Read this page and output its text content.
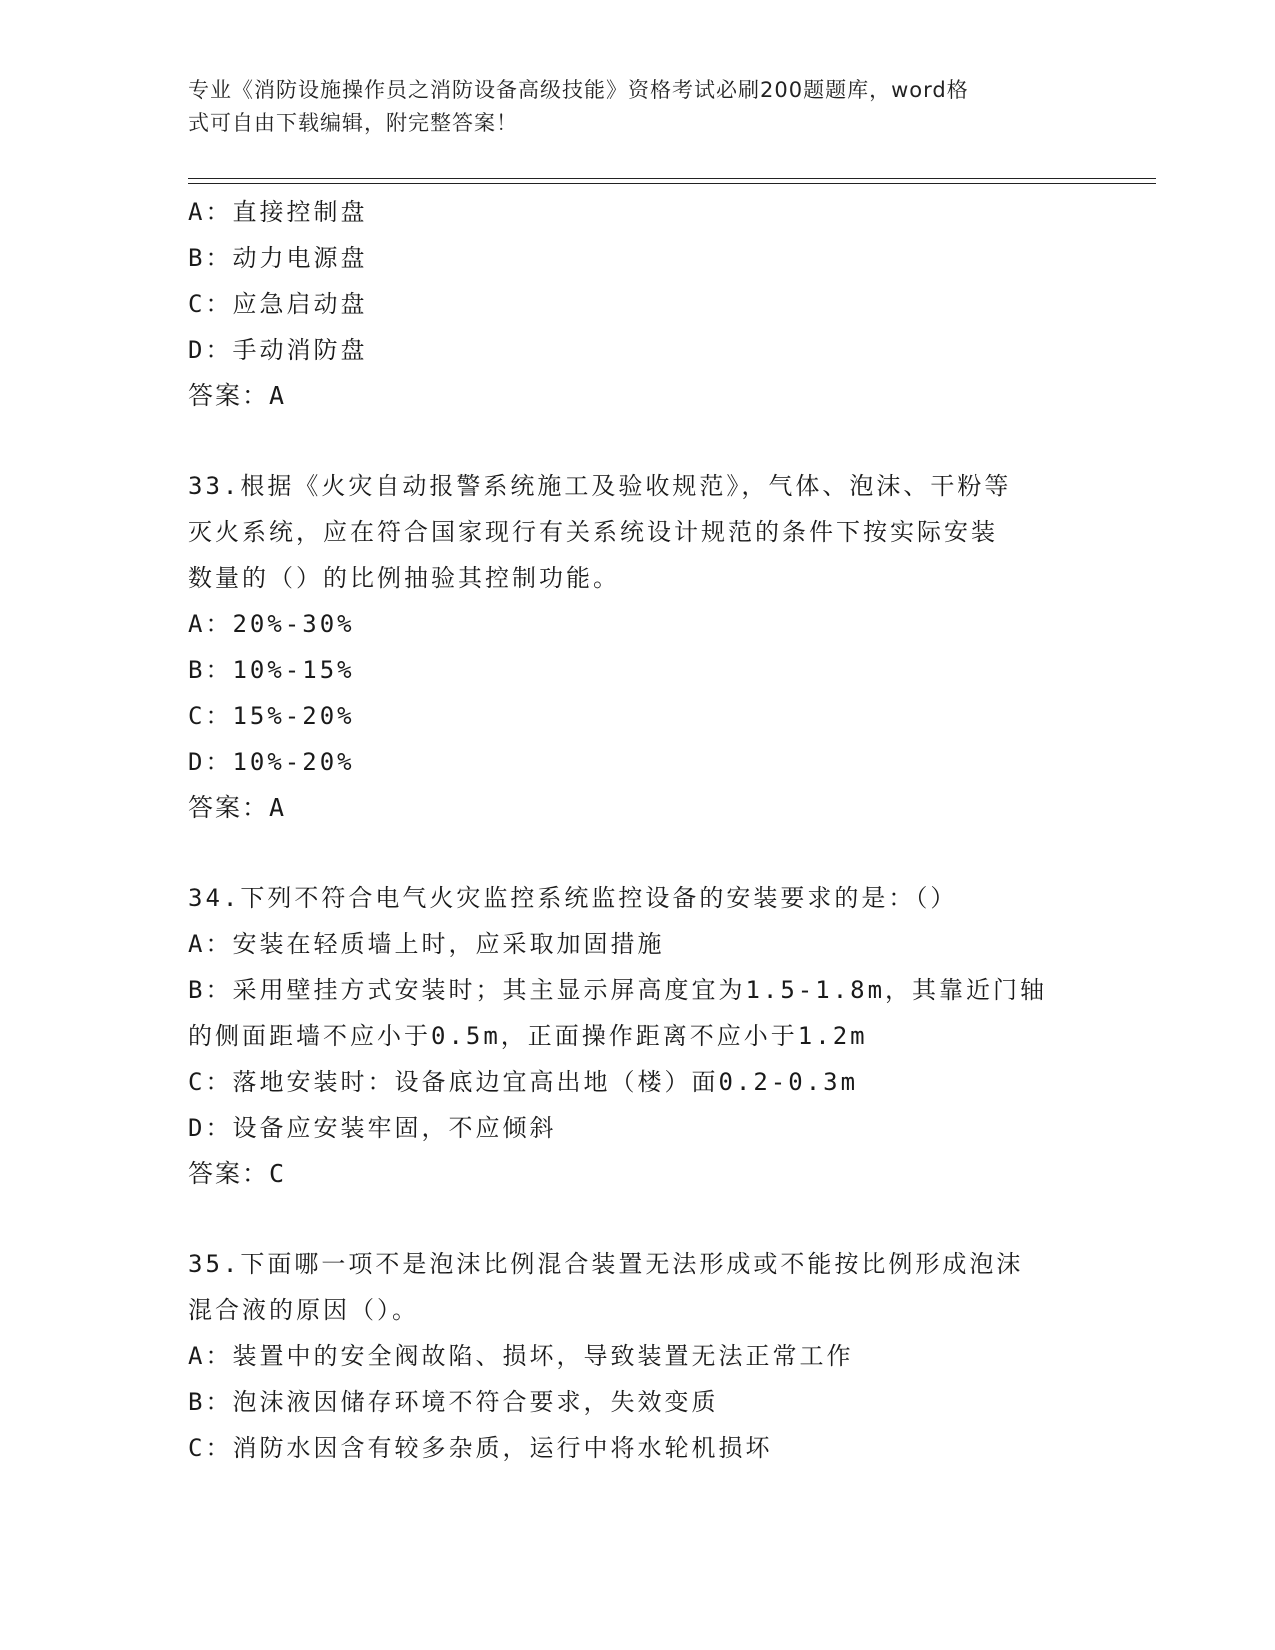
专业《消防设施操作员之消防设备高级技能》资格考试必刷200题题库，word格
式可自由下载编辑，附完整答案！
A：直接控制盘
B：动力电源盘
C：应急启动盘
D：手动消防盘
答案：A
33.根据《火灾自动报警系统施工及验收规范》，气体、泡沫、干粉等
灭火系统，应在符合国家现行有关系统设计规范的条件下按实际安装
数量的（）的比例抽验其控制功能。
A：20%-30%
B：10%-15%
C：15%-20%
D：10%-20%
答案：A
34.下列不符合电气火灾监控系统监控设备的安装要求的是：（）
A：安装在轻质墙上时，应采取加固措施
B：采用壁挂方式安装时；其主显示屏高度宜为1.5-1.8m，其靠近门轴
的侧面距墙不应小于0.5m，正面操作距离不应小于1.2m
C：落地安装时：设备底边宜高出地（楼）面0.2-0.3m
D：设备应安装牢固，不应倾斜
答案：C
35.下面哪一项不是泡沫比例混合装置无法形成或不能按比例形成泡沫
混合液的原因（）。
A：装置中的安全阀故陷、损坏，导致装置无法正常工作
B：泡沫液因储存环境不符合要求，失效变质
C：消防水因含有较多杂质，运行中将水轮机损坏
